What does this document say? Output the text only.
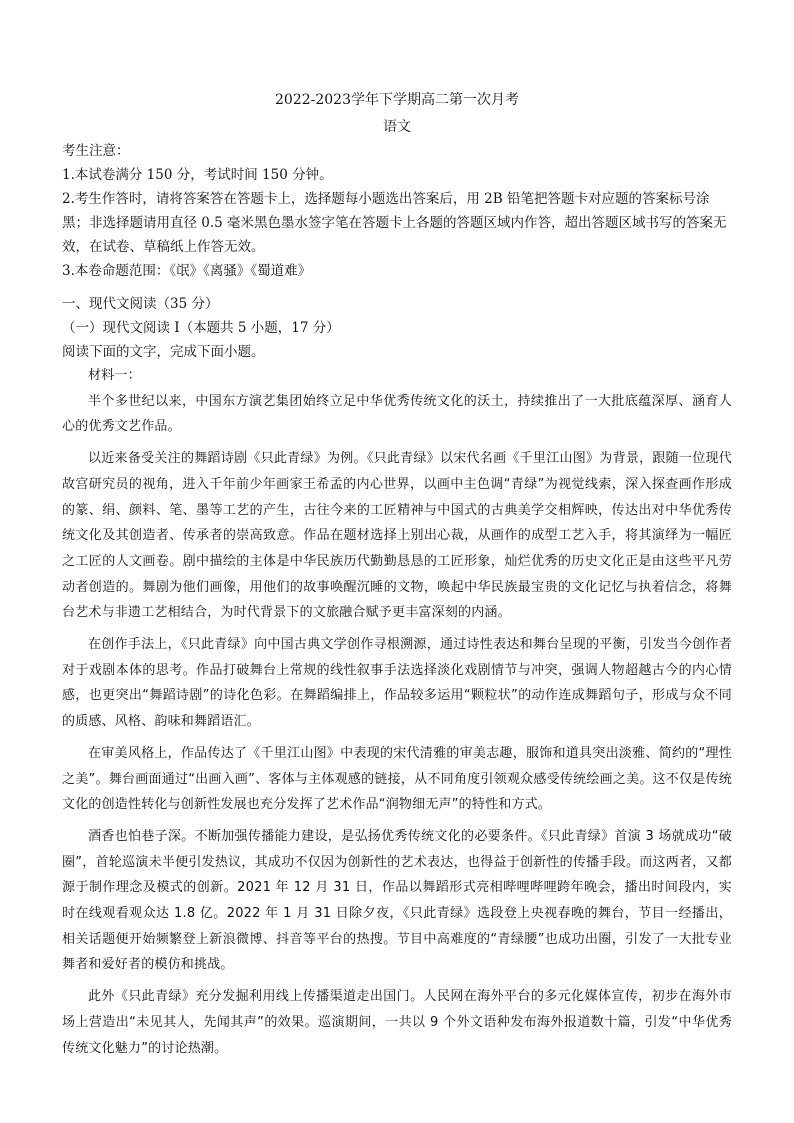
2022-2023学年下学期高二第一次月考
语文

考生注意：

1.本试卷满分 150 分，考试时间 150 分钟。

2.考生作答时，请将答案答在答题卡上，选择题每小题选出答案后，用 2B 铅笔把答题卡对应题的答案标号涂黑；非选择题请用直径 0.5 毫米黑色墨水签字笔在答题卡上各题的答题区域内作答，超出答题区域书写的答案无效，在试卷、草稿纸上作答无效。

3.本卷命题范围：《氓》《离骚》《蜀道难》

一、现代文阅读（35 分）

（一）现代文阅读 I（本题共 5 小题，17 分）

阅读下面的文字，完成下面小题。

材料一：

半个多世纪以来，中国东方演艺集团始终立足中华优秀传统文化的沃土，持续推出了一大批底蕴深厚、涵育人心的优秀文艺作品。

以近来备受关注的舞蹈诗剧《只此青绿》为例。《只此青绿》以宋代名画《千里江山图》为背景，跟随一位现代故宫研究员的视角，进入千年前少年画家王希孟的内心世界，以画中主色调“青绿”为视觉线索，深入探查画作形成的篆、绢、颜料、笔、墨等工艺的产生，古往今来的工匠精神与中国式的古典美学交相辉映，传达出对中华优秀传统文化及其创造者、传承者的崇高致意。作品在题材选择上别出心裁，从画作的成型工艺入手，将其演绎为一幅匠之工匠的人文画卷。剧中描绘的主体是中华民族历代勤勤恳恳的工匠形象，灿烂优秀的历史文化正是由这些平凡劳动者创造的。舞剧为他们画像，用他们的故事唤醒沉睡的文物，唤起中华民族最宝贵的文化记忆与执着信念，将舞台艺术与非遗工艺相结合，为时代背景下的文旅融合赋予更丰富深刻的内涵。

在创作手法上，《只此青绿》向中国古典文学创作寻根溯源，通过诗性表达和舞台呈现的平衡，引发当今创作者对于戏剧本体的思考。作品打破舞台上常规的线性叙事手法选择淡化戏剧情节与冲突，强调人物超越古今的内心情感，也更突出“舞蹈诗剧”的诗化色彩。在舞蹈编排上，作品较多运用“颗粒状”的动作连成舞蹈句子，形成与众不同的质感、风格、韵味和舞蹈语汇。

在审美风格上，作品传达了《千里江山图》中表现的宋代清雅的审美志趣，服饰和道具突出淡雅、简约的“理性之美”。舞台画面通过“出画入画”、客体与主体观感的链接，从不同角度引领观众感受传统绘画之美。这不仅是传统文化的创造性转化与创新性发展也充分发挥了艺术作品“润物细无声”的特性和方式。

酒香也怕巷子深。不断加强传播能力建设，是弘扬优秀传统文化的必要条件。《只此青绿》首演 3 场就成功“破圈”，首轮巡演未半便引发热议，其成功不仅因为创新性的艺术表达，也得益于创新性的传播手段。而这两者，又都源于制作理念及模式的创新。2021 年 12 月 31 日，作品以舞蹈形式亮相哔哩哔哩跨年晚会，播出时间段内，实时在线观看观众达 1.8 亿。2022 年 1 月 31 日除夕夜，《只此青绿》选段登上央视春晚的舞台，节目一经播出，相关话题便开始频繁登上新浪微博、抖音等平台的热搜。节目中高难度的“青绿腰”也成功出圈，引发了一大批专业舞者和爱好者的模仿和挑战。

此外《只此青绿》充分发掘利用线上传播渠道走出国门。人民网在海外平台的多元化媒体宣传，初步在海外市场上营造出“未见其人，先闻其声”的效果。巡演期间，一共以 9 个外文语种发布海外报道数十篇，引发“中华优秀传统文化魅力”的讨论热潮。
